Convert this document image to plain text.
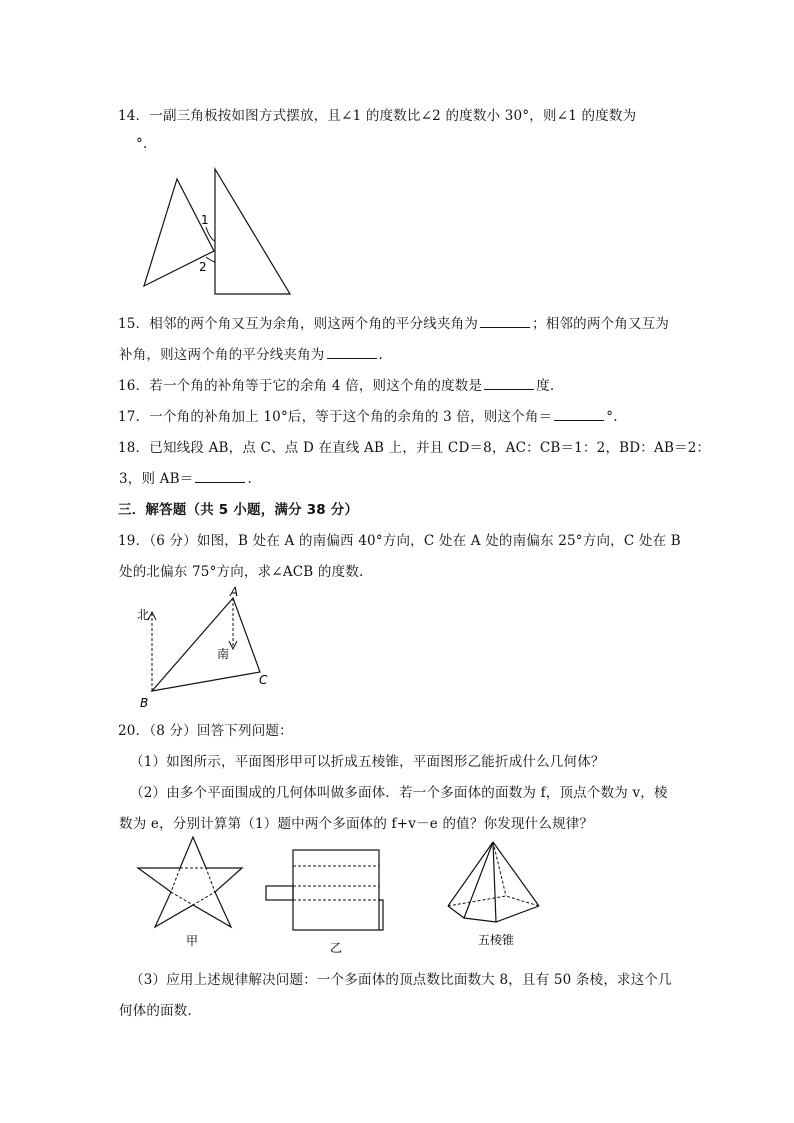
14．一副三角板按如图方式摆放，且∠1 的度数比∠2 的度数小 30°，则∠1 的度数为
°.
1
2
15．相邻的两个角又互为余角，则这两个角的平分线夹角为	；相邻的两个角又互为
补角，则这两个角的平分线夹角为	.
16．若一个角的补角等于它的余角 4 倍，则这个角的度数是	度.
17．一个角的补角加上 10°后，等于这个角的余角的 3 倍，则这个角＝	°.
18．已知线段 AB，点 C、点 D 在直线 AB 上，并且 CD＝8，AC：CB＝1：2，BD：AB＝2：
3，则 AB＝	.
三．解答题（共 5 小题，满分 38 分）
19．（6 分）如图，B 处在 A 的南偏西 40°方向，C 处在 A 处的南偏东 25°方向，C 处在 B
处的北偏东 75°方向，求∠ACB 的度数.
北
南
A
B
C
20．（8 分）回答下列问题：
（1）如图所示，平面图形甲可以折成五棱锥，平面图形乙能折成什么几何体？
（2）由多个平面围成的几何体叫做多面体．若一个多面体的面数为 f，顶点个数为 v，棱
数为 e，分别计算第（1）题中两个多面体的 f+v－e 的值？你发现什么规律？
甲	乙
五棱锥
（3）应用上述规律解决问题：一个多面体的顶点数比面数大 8，且有 50 条棱，求这个几
何体的面数.
